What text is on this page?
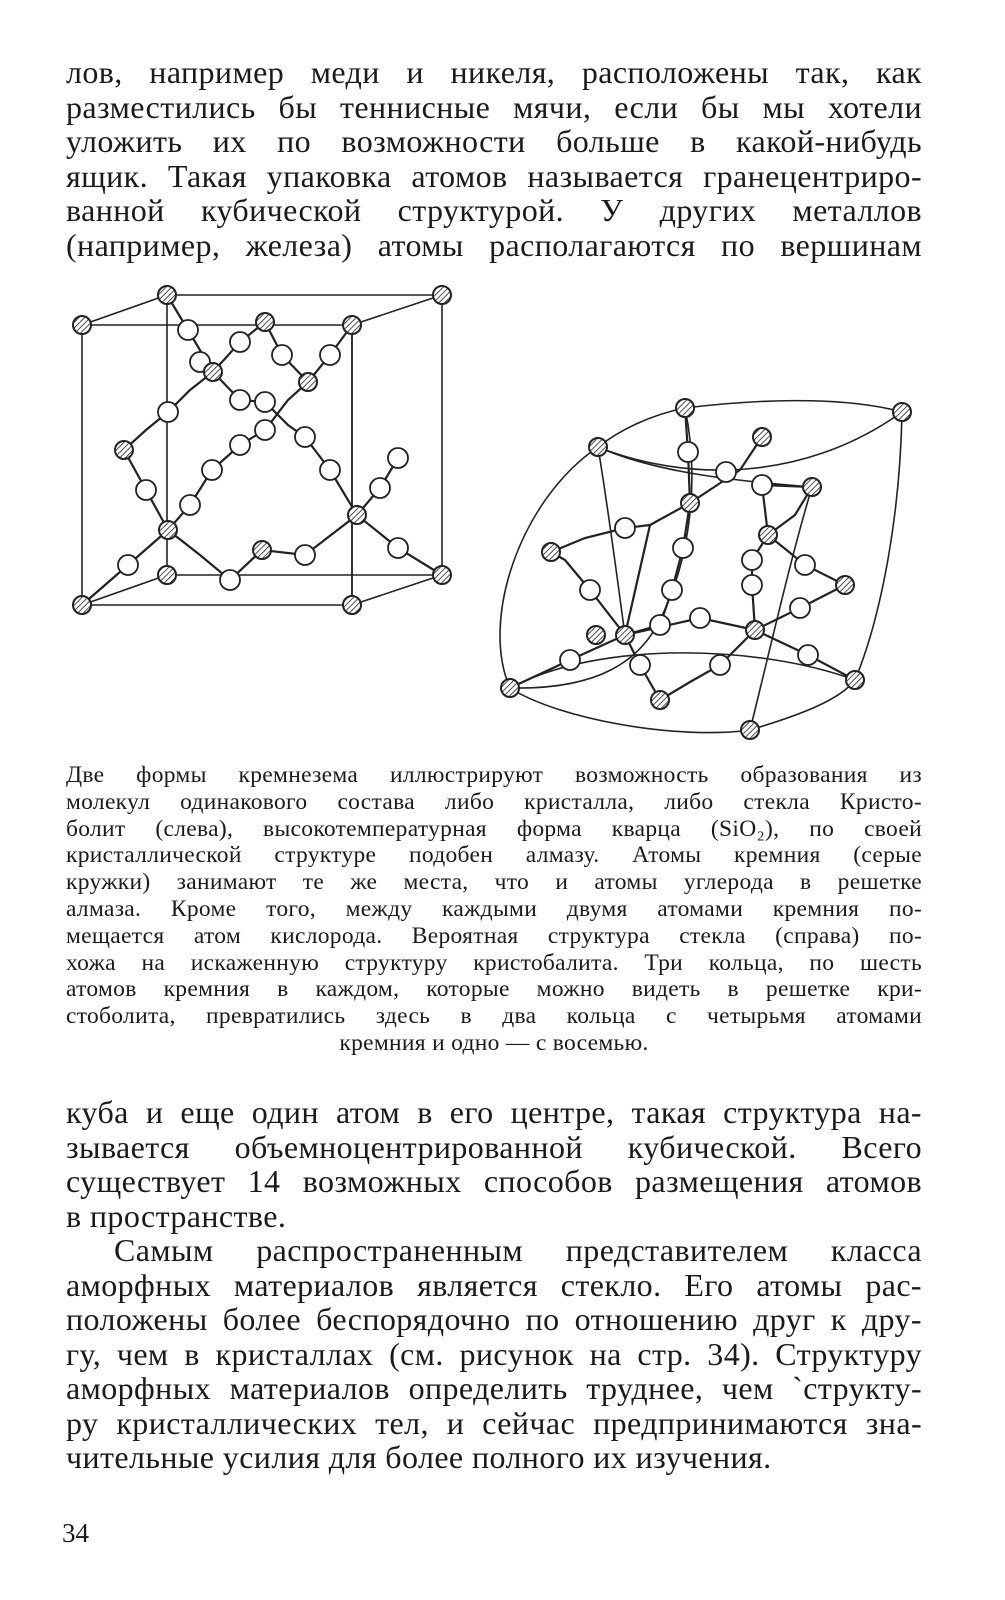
лов, например меди и никеля, расположены так, как
разместились бы теннисные мячи, если бы мы хотели
уложить их по возможности больше в какой-нибудь
ящик. Такая упаковка атомов называется гранецентриро-
ванной кубической структурой. У других металлов
(например, железа) атомы располагаются по вершинам
Две формы кремнезема иллюстрируют возможность образования из
молекул одинакового состава либо кристалла, либо стекла Кристо-
болит (слева), высокотемпературная форма кварца (SiO₂), по своей
кристаллической структуре подобен алмазу. Атомы кремния (серые
кружки) занимают те же места, что и атомы углерода в решетке
алмаза. Кроме того, между каждыми двумя атомами кремния по-
мещается атом кислорода. Вероятная структура стекла (справа) по-
хожа на искаженную структуру кристобалита. Три кольца, по шесть
атомов кремния в каждом, которые можно видеть в решетке кри-
стоболита, превратились здесь в два кольца с четырьмя атомами
кремния и одно — с восемью.
куба и еще один атом в его центре, такая структура на-
зывается объемноцентрированной кубической. Всего
существует 14 возможных способов размещения атомов
в пространстве.
Самым распространенным представителем класса
аморфных материалов является стекло. Его атомы рас-
положены более беспорядочно по отношению друг к дру-
гу, чем в кристаллах (см. рисунок на стр. 34). Структуру
аморфных материалов определить труднее, чем `структу-
ру кристаллических тел, и сейчас предпринимаются зна-
чительные усилия для более полного их изучения.
34
